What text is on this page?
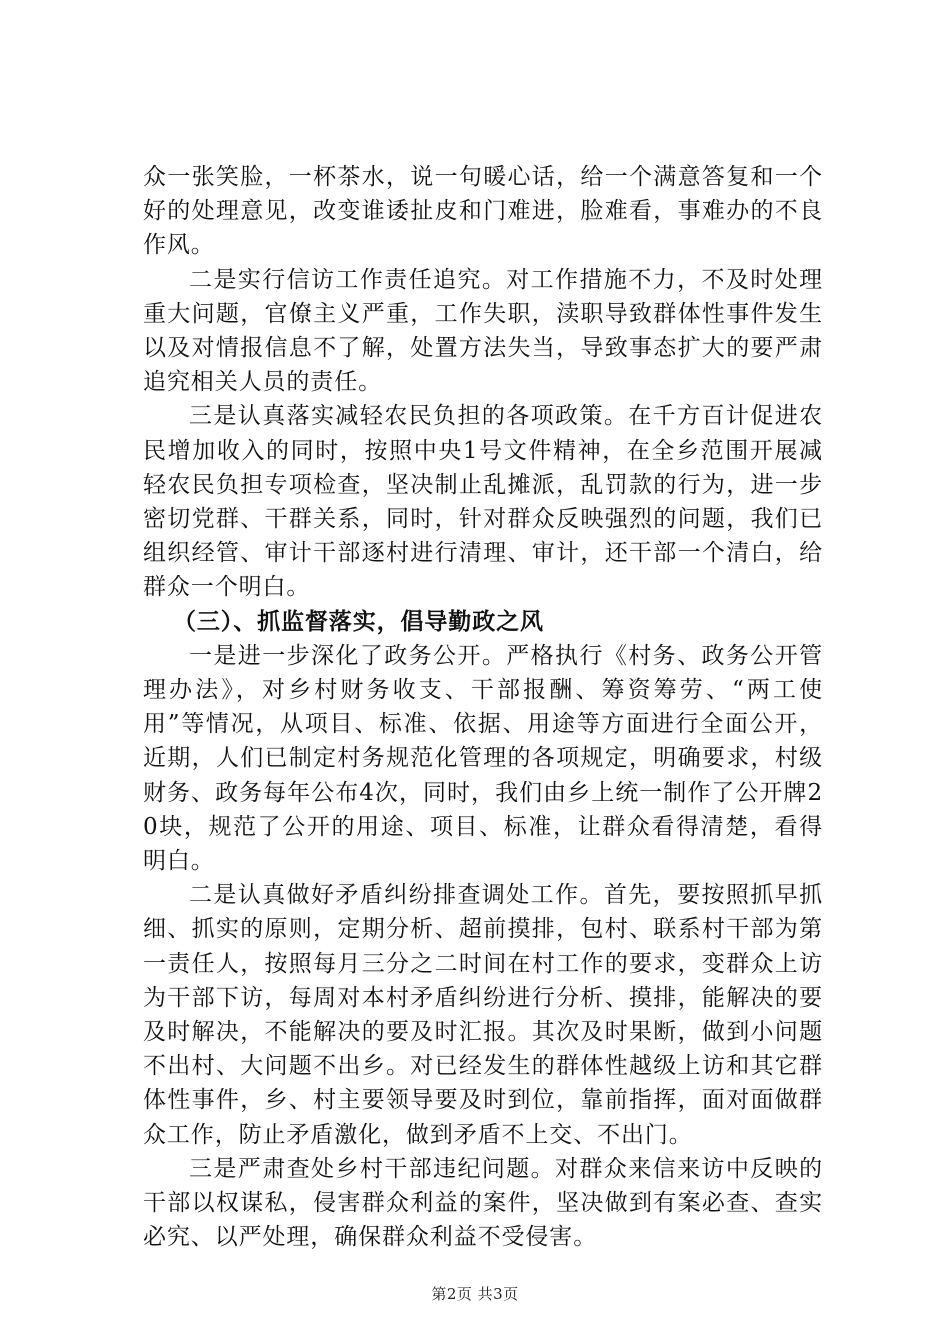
众一张笑脸，一杯茶水，说一句暖心话，给一个满意答复和一个好的处理意见，改变谁诿扯皮和门难进，脸难看，事难办的不良作风。

二是实行信访工作责任追究。对工作措施不力，不及时处理重大问题，官僚主义严重，工作失职，渎职导致群体性事件发生以及对情报信息不了解，处置方法失当，导致事态扩大的要严肃追究相关人员的责任。

三是认真落实减轻农民负担的各项政策。在千方百计促进农民增加收入的同时，按照中央1号文件精神，在全乡范围开展减轻农民负担专项检查，坚决制止乱摊派，乱罚款的行为，进一步密切党群、干群关系，同时，针对群众反映强烈的问题，我们已组织经管、审计干部逐村进行清理、审计，还干部一个清白，给群众一个明白。

（三）、抓监督落实，倡导勤政之风

一是进一步深化了政务公开。严格执行《村务、政务公开管理办法》，对乡村财务收支、干部报酬、筹资筹劳、“两工使用”等情况，从项目、标准、依据、用途等方面进行全面公开，近期，人们已制定村务规范化管理的各项规定，明确要求，村级财务、政务每年公布4次，同时，我们由乡上统一制作了公开牌20块，规范了公开的用途、项目、标准，让群众看得清楚，看得明白。

二是认真做好矛盾纠纷排查调处工作。首先，要按照抓早抓细、抓实的原则，定期分析、超前摸排，包村、联系村干部为第一责任人，按照每月三分之二时间在村工作的要求，变群众上访为干部下访，每周对本村矛盾纠纷进行分析、摸排，能解决的要及时解决，不能解决的要及时汇报。其次及时果断，做到小问题不出村、大问题不出乡。对已经发生的群体性越级上访和其它群体性事件，乡、村主要领导要及时到位，靠前指挥，面对面做群众工作，防止矛盾激化，做到矛盾不上交、不出门。

三是严肃查处乡村干部违纪问题。对群众来信来访中反映的干部以权谋私，侵害群众利益的案件，坚决做到有案必查、查实必究、以严处理，确保群众利益不受侵害。

第2页 共3页
